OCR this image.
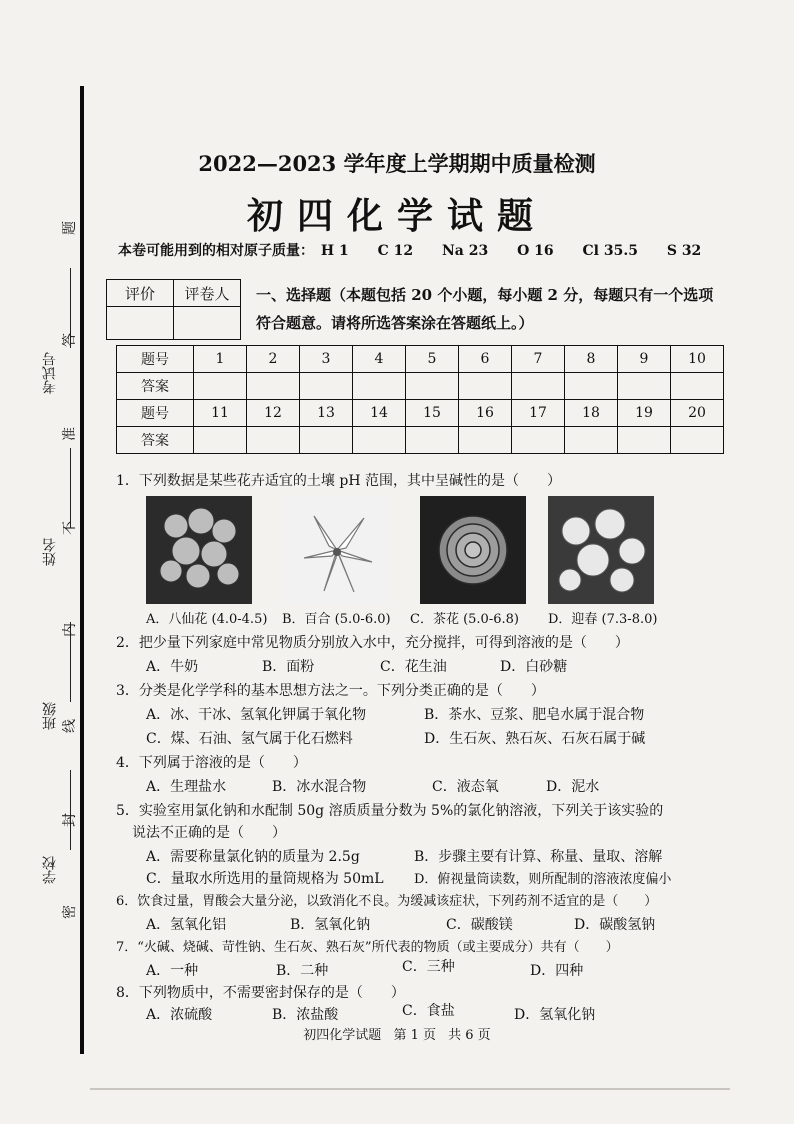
考试号
姓名
班级
学校
题
答
准
不
内
线
封
密
2022—2023 学年度上学期期中质量检测
初四化学试题
本卷可能用到的相对原子质量： H 1 C 12 Na 23 O 16 Cl 35.5 S 32
评价	评卷人
	一、选择题（本题包括 20 个小题，每小题 2 分，每题只有一个选项
符合题意。请将所选答案涂在答题纸上。）
题号	1	2	3	4	5	6	7	8	9	10
答案										
题号	11	12	13	14	15	16	17	18	19	20
答案										
1．下列数据是某些花卉适宜的土壤 pH 范围，其中呈碱性的是（　　）
A．八仙花 (4.0-4.5) B．百合 (5.0-6.0) C．茶花 (5.0-6.8) D．迎春 (7.3-8.0)
2．把少量下列家庭中常见物质分别放入水中，充分搅拌，可得到溶液的是（　　）
A．牛奶	B．面粉	C．花生油	D．白砂糖
3．分类是化学学科的基本思想方法之一。下列分类正确的是（　　）
A．冰、干冰、氢氧化钾属于氧化物	B．茶水、豆浆、肥皂水属于混合物
C．煤、石油、氢气属于化石燃料	D．生石灰、熟石灰、石灰石属于碱
4．下列属于溶液的是（　　）
A．生理盐水	B．冰水混合物	C．液态氧	D．泥水
5．实验室用氯化钠和水配制 50g 溶质质量分数为 5%的氯化钠溶液，下列关于该实验的
说法不正确的是（　　）
A．需要称量氯化钠的质量为 2.5g	B．步骤主要有计算、称量、量取、溶解
C．量取水所选用的量筒规格为 50mL D．俯视量筒读数，则所配制的溶液浓度偏小
6．饮食过量，胃酸会大量分泌，以致消化不良。为缓减该症状，下列药剂不适宜的是（　　）
A．氢氧化铝	B．氢氧化钠	C．碳酸镁	D．碳酸氢钠
7．“火碱、烧碱、苛性钠、生石灰、熟石灰”所代表的物质（或主要成分）共有（　　）
A．一种	B．二种	C．三种	D．四种
8．下列物质中，不需要密封保存的是（　　）
A．浓硫酸	B．浓盐酸	C．食盐	D．氢氧化钠
初四化学试题 第 1 页 共 6 页
